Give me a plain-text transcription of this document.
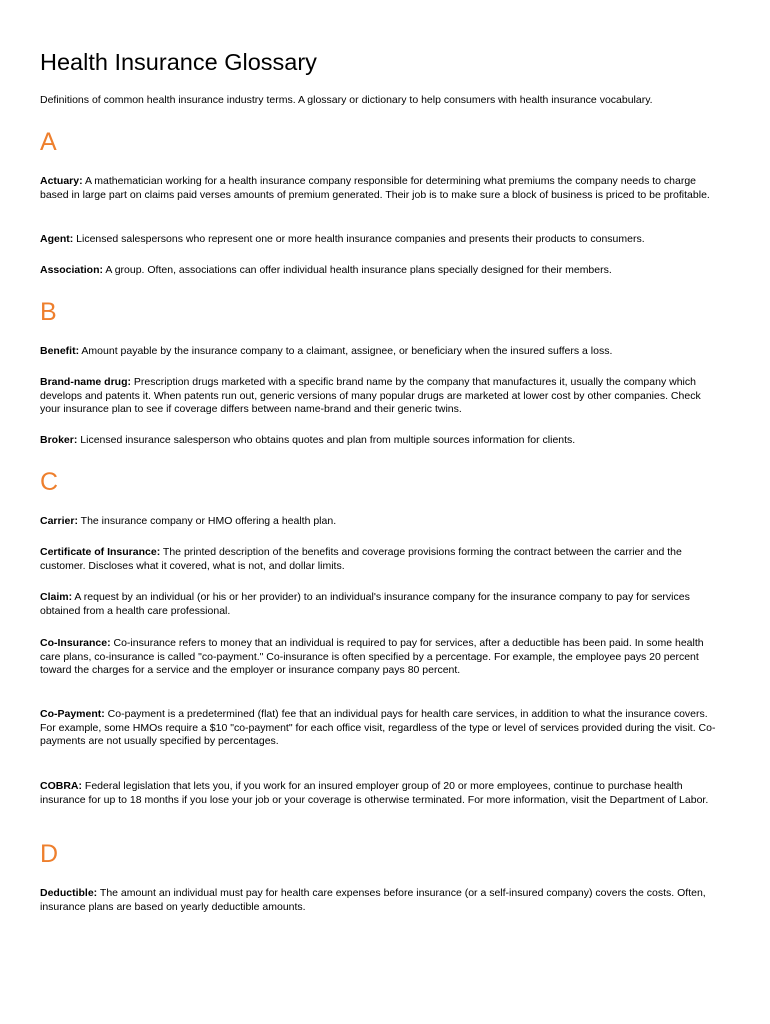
Health Insurance Glossary

Definitions of common health insurance industry terms. A glossary or dictionary to help consumers with health insurance vocabulary.

A

Actuary: A mathematician working for a health insurance company responsible for determining what premiums the company needs to charge based in large part on claims paid verses amounts of premium generated. Their job is to make sure a block of business is priced to be profitable.

Agent: Licensed salespersons who represent one or more health insurance companies and presents their products to consumers.

Association: A group. Often, associations can offer individual health insurance plans specially designed for their members.

B

Benefit: Amount payable by the insurance company to a claimant, assignee, or beneficiary when the insured suffers a loss.

Brand-name drug: Prescription drugs marketed with a specific brand name by the company that manufactures it, usually the company which develops and patents it. When patents run out, generic versions of many popular drugs are marketed at lower cost by other companies. Check your insurance plan to see if coverage differs between name-brand and their generic twins.

Broker: Licensed insurance salesperson who obtains quotes and plan from multiple sources information for clients.

C

Carrier: The insurance company or HMO offering a health plan.

Certificate of Insurance: The printed description of the benefits and coverage provisions forming the contract between the carrier and the customer. Discloses what it covered, what is not, and dollar limits.

Claim: A request by an individual (or his or her provider) to an individual's insurance company for the insurance company to pay for services obtained from a health care professional.

Co-Insurance: Co-insurance refers to money that an individual is required to pay for services, after a deductible has been paid. In some health care plans, co-insurance is called "co-payment." Co-insurance is often specified by a percentage. For example, the employee pays 20 percent toward the charges for a service and the employer or insurance company pays 80 percent.

Co-Payment: Co-payment is a predetermined (flat) fee that an individual pays for health care services, in addition to what the insurance covers. For example, some HMOs require a $10 "co-payment" for each office visit, regardless of the type or level of services provided during the visit. Co-payments are not usually specified by percentages.

COBRA: Federal legislation that lets you, if you work for an insured employer group of 20 or more employees, continue to purchase health insurance for up to 18 months if you lose your job or your coverage is otherwise terminated. For more information, visit the Department of Labor.

D

Deductible: The amount an individual must pay for health care expenses before insurance (or a self-insured company) covers the costs. Often, insurance plans are based on yearly deductible amounts.
